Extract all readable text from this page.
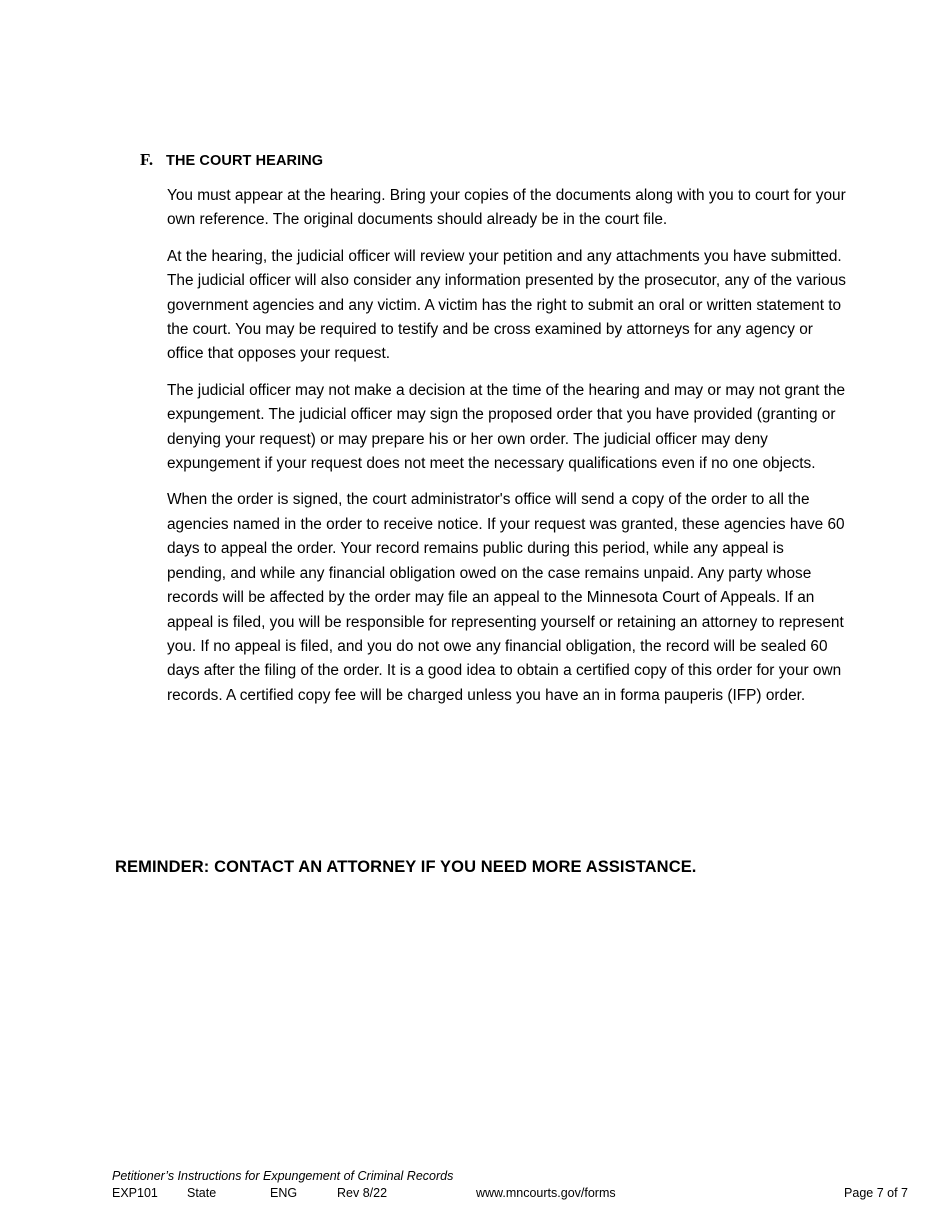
F. THE COURT HEARING

You must appear at the hearing. Bring your copies of the documents along with you to court for your own reference. The original documents should already be in the court file.

At the hearing, the judicial officer will review your petition and any attachments you have submitted. The judicial officer will also consider any information presented by the prosecutor, any of the various government agencies and any victim. A victim has the right to submit an oral or written statement to the court. You may be required to testify and be cross examined by attorneys for any agency or office that opposes your request.

The judicial officer may not make a decision at the time of the hearing and may or may not grant the expungement. The judicial officer may sign the proposed order that you have provided (granting or denying your request) or may prepare his or her own order. The judicial officer may deny expungement if your request does not meet the necessary qualifications even if no one objects.

When the order is signed, the court administrator's office will send a copy of the order to all the agencies named in the order to receive notice. If your request was granted, these agencies have 60 days to appeal the order. Your record remains public during this period, while any appeal is pending, and while any financial obligation owed on the case remains unpaid. Any party whose records will be affected by the order may file an appeal to the Minnesota Court of Appeals. If an appeal is filed, you will be responsible for representing yourself or retaining an attorney to represent you. If no appeal is filed, and you do not owe any financial obligation, the record will be sealed 60 days after the filing of the order. It is a good idea to obtain a certified copy of this order for your own records. A certified copy fee will be charged unless you have an in forma pauperis (IFP) order.

REMINDER: CONTACT AN ATTORNEY IF YOU NEED MORE ASSISTANCE.
Petitioner’s Instructions for Expungement of Criminal Records
EXP101 State	ENG	Rev 8/22	www.mncourts.gov/forms	Page 7 of 7
